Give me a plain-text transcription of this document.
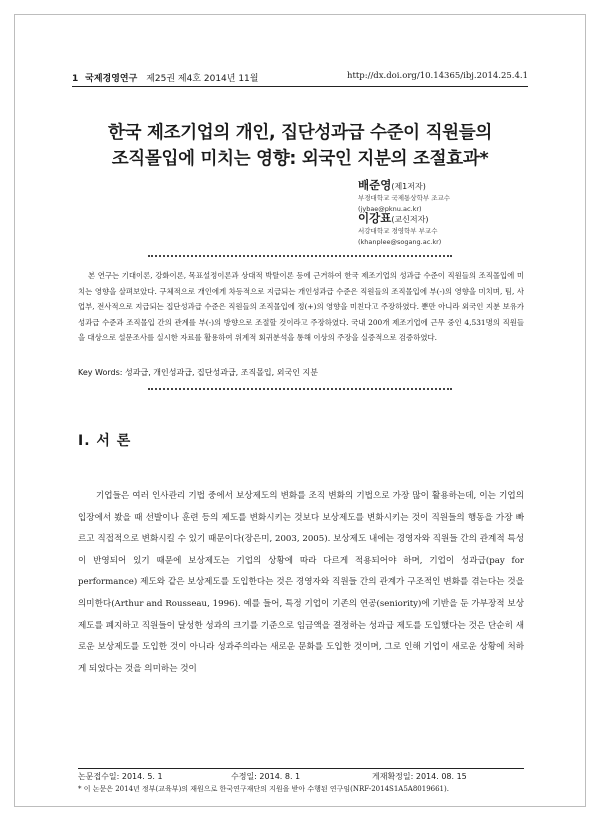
1 국제경영연구 제25권 제4호 2014년 11월	http://dx.doi.org/10.14365/ibj.2014.25.4.1
한국 제조기업의 개인, 집단성과급 수준이 직원들의
조직몰입에 미치는 영향: 외국인 지분의 조절효과*
배준영(제1저자)
부경대학교 국제통상학부 조교수
(jybae@pknu.ac.kr)
이강표(교신저자)
서강대학교 경영학부 부교수
(khanplee@sogang.ac.kr)
본 연구는 기대이론, 강화이론, 목표설정이론과 상대적 박탈이론 등에 근거하여 한국 제조기업의 성과급 수준이 직원들의 조직몰입에 미치는 영향을 살펴보았다. 구체적으로 개인에게 차등적으로 지급되는 개인성과급 수준은 직원들의 조직몰입에 부(-)의 영향을 미치며, 팀, 사업부, 전사적으로 지급되는 집단성과급 수준은 직원들의 조직몰입에 정(+)의 영향을 미친다고 주장하였다. 뿐만 아니라 외국인 지분 보유가 성과급 수준과 조직몰입 간의 관계를 부(-)의 방향으로 조절할 것이라고 주장하였다. 국내 200개 제조기업에 근무 중인 4,531명의 직원들을 대상으로 설문조사를 실시한 자료를 활용하여 위계적 회귀분석을 통해 이상의 주장을 실증적으로 검증하였다.
Key Words: 성과급, 개인성과급, 집단성과급, 조직몰입, 외국인 지분
Ⅰ. 서 론
기업들은 여러 인사관리 기법 중에서 보상제도의 변화를 조직 변화의 기법으로 가장 많이 활용하는데, 이는 기업의 입장에서 봤을 때 선발이나 훈련 등의 제도를 변화시키는 것보다 보상제도를 변화시키는 것이 직원들의 행동을 가장 빠르고 직접적으로 변화시킬 수 있기 때문이다(장은미, 2003, 2005). 보상제도 내에는 경영자와 직원들 간의 관계적 특성이 반영되어 있기 때문에 보상제도는 기업의 상황에 따라 다르게 적용되어야 하며, 기업이 성과급(pay for performance) 제도와 같은 보상제도를 도입한다는 것은 경영자와 직원들 간의 관계가 구조적인 변화를 겪는다는 것을 의미한다(Arthur and Rousseau, 1996). 예를 들어, 특정 기업이 기존의 연공(seniority)에 기반을 둔 가부장적 보상제도를 폐지하고 직원들이 달성한 성과의 크기를 기준으로 임금액을 결정하는 성과급 제도를 도입했다는 것은 단순히 새로운 보상제도를 도입한 것이 아니라 성과주의라는 새로운 문화를 도입한 것이며, 그로 인해 기업이 새로운 상황에 처하게 되었다는 것을 의미하는 것이
논문접수일: 2014. 5. 1	수정일: 2014. 8. 1	게재확정일: 2014. 08. 15
* 이 논문은 2014년 정부(교육부)의 재원으로 한국연구재단의 지원을 받아 수행된 연구임(NRF-2014S1A5A8019661).
